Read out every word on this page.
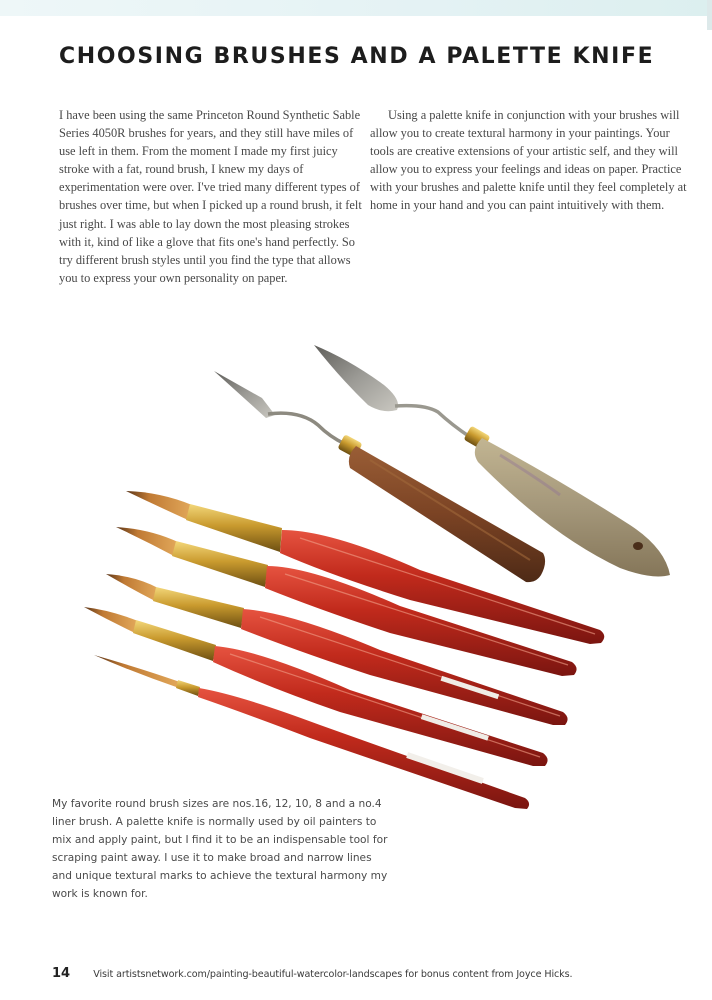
CHOOSING BRUSHES AND A PALETTE KNIFE
I have been using the same Princeton Round Synthetic Sable Series 4050R brushes for years, and they still have miles of use left in them. From the moment I made my first juicy stroke with a fat, round brush, I knew my days of experimentation were over. I've tried many different types of brushes over time, but when I picked up a round brush, it felt just right. I was able to lay down the most pleasing strokes with it, kind of like a glove that fits one's hand perfectly. So try different brush styles until you find the type that allows you to express your own personality on paper.
Using a palette knife in conjunction with your brushes will allow you to create textural harmony in your paintings. Your tools are creative extensions of your artistic self, and they will allow you to express your feelings and ideas on paper. Practice with your brushes and palette knife until they feel completely at home in your hand and you can paint intuitively with them.
My favorite round brush sizes are nos.16, 12, 10, 8 and a no.4 liner brush. A palette knife is normally used by oil painters to mix and apply paint, but I find it to be an indispensable tool for scraping paint away. I use it to make broad and narrow lines and unique textural marks to achieve the textural harmony my work is known for.
14 Visit artistsnetwork.com/painting-beautiful-watercolor-landscapes for bonus content from Joyce Hicks.
